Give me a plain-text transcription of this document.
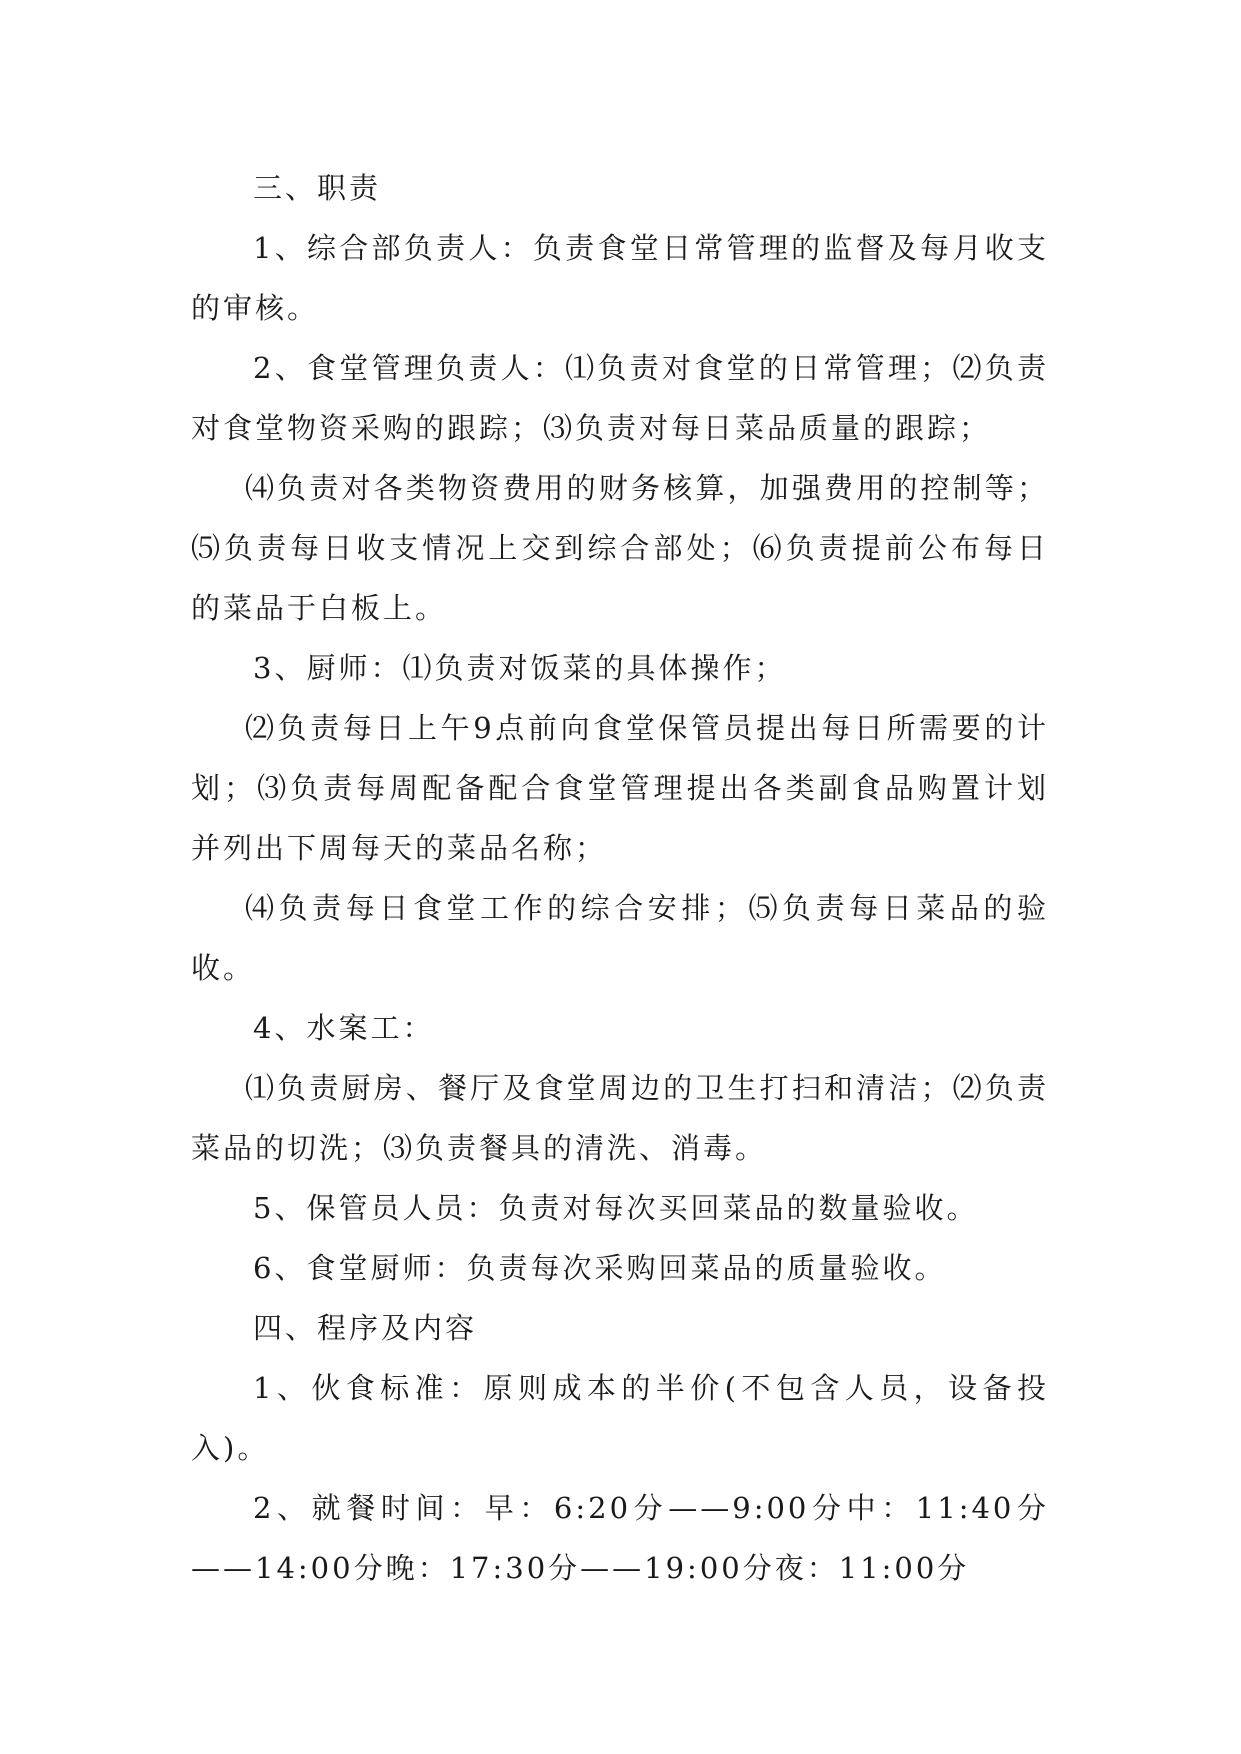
三、职责

1、综合部负责人：负责食堂日常管理的监督及每月收支的审核。

2、食堂管理负责人：⑴负责对食堂的日常管理；⑵负责对食堂物资采购的跟踪；⑶负责对每日菜品质量的跟踪；

⑷负责对各类物资费用的财务核算，加强费用的控制等；⑸负责每日收支情况上交到综合部处；⑹负责提前公布每日的菜品于白板上。

3、厨师：⑴负责对饭菜的具体操作；

⑵负责每日上午9点前向食堂保管员提出每日所需要的计划；⑶负责每周配备配合食堂管理提出各类副食品购置计划并列出下周每天的菜品名称；

⑷负责每日食堂工作的综合安排；⑸负责每日菜品的验收。

4、水案工：

⑴负责厨房、餐厅及食堂周边的卫生打扫和清洁；⑵负责菜品的切洗；⑶负责餐具的清洗、消毒。

5、保管员人员：负责对每次买回菜品的数量验收。

6、食堂厨师：负责每次采购回菜品的质量验收。

四、程序及内容

1、伙食标准：原则成本的半价(不包含人员，设备投入)。

2、就餐时间：早：6:20分——9:00分中：11:40分——14:00分晚：17:30分——19:00分夜：11:00分
